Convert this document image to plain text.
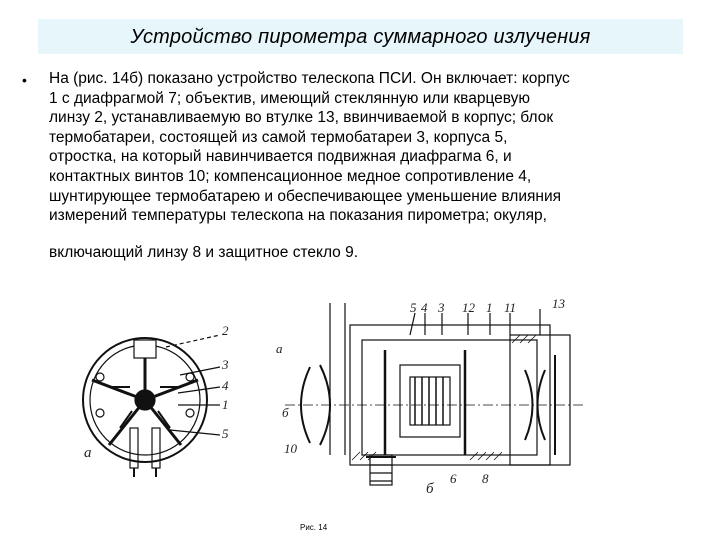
Устройство пирометра суммарного излучения
• На (рис. 14б) показано устройство телескопа ПСИ. Он включает: корпус
1 с диафрагмой 7; объектив, имеющий стеклянную или кварцевую
линзу 2, устанавливаемую во втулке 13, ввинчиваемой в корпус; блок
термобатареи, состоящей из самой термобатареи 3, корпуса 5,
отростка, на который навинчивается подвижная диафрагма 6, и
контактных винтов 10; компенсационное медное сопротивление 4,
шунтирующее термобатарею и обеспечивающее уменьшение влияния
измерений температуры телескопа на показания пирометра; окуляр,
включающий линзу 8 и защитное стекло 9.
2
3
4
1
5
а
5 4 3 12 1 11	13
а
б
10
6 8
б
Рис. 14
